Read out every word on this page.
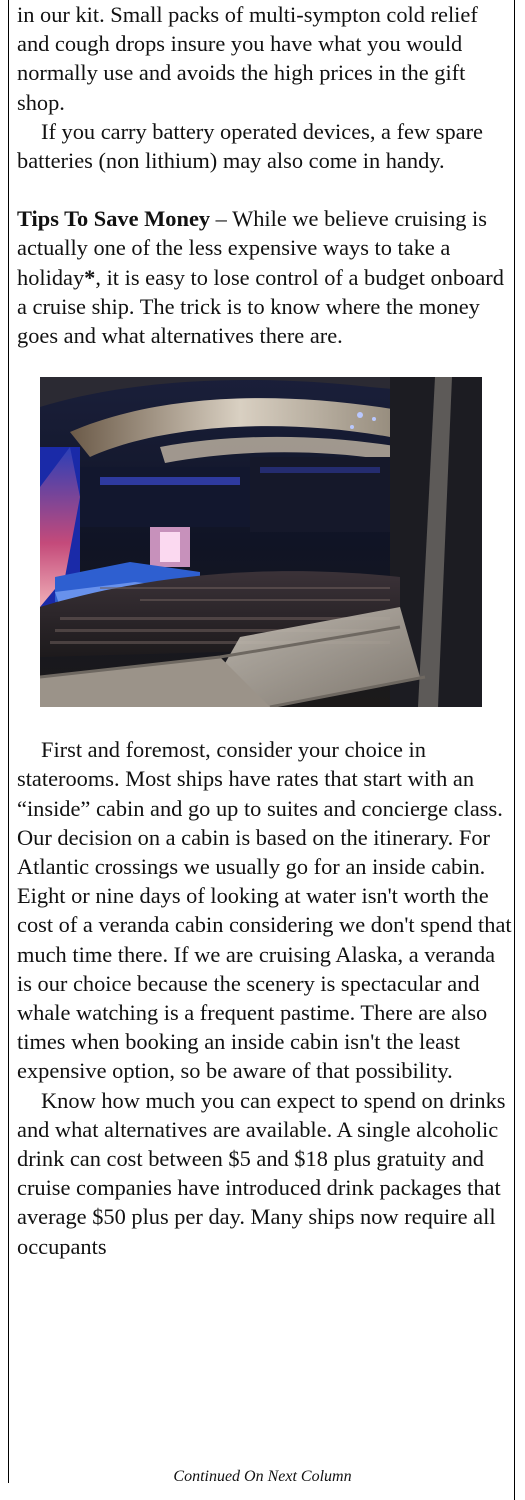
in our kit. Small packs of multi-sympton cold relief and cough drops insure you have what you would normally use and avoids the high prices in the gift shop.

If you carry battery operated devices, a few spare batteries (non lithium) may also come in handy.

Tips To Save Money – While we believe cruising is actually one of the less expensive ways to take a holiday*, it is easy to lose control of a budget onboard a cruise ship. The trick is to know where the money goes and what alternatives there are.

First and foremost, consider your choice in staterooms. Most ships have rates that start with an “inside” cabin and go up to suites and concierge class. Our decision on a cabin is based on the itinerary. For Atlantic crossings we usually go for an inside cabin. Eight or nine days of looking at water isn't worth the cost of a veranda cabin considering we don't spend that much time there. If we are cruising Alaska, a veranda is our choice because the scenery is spectacular and whale watching is a frequent pastime. There are also times when booking an inside cabin isn't the least expensive option, so be aware of that possibility.

Know how much you can expect to spend on drinks and what alternatives are available. A single alcoholic drink can cost between $5 and $18 plus gratuity and cruise companies have introduced drink packages that average $50 plus per day. Many ships now require all occupants

Continued On Next Column
